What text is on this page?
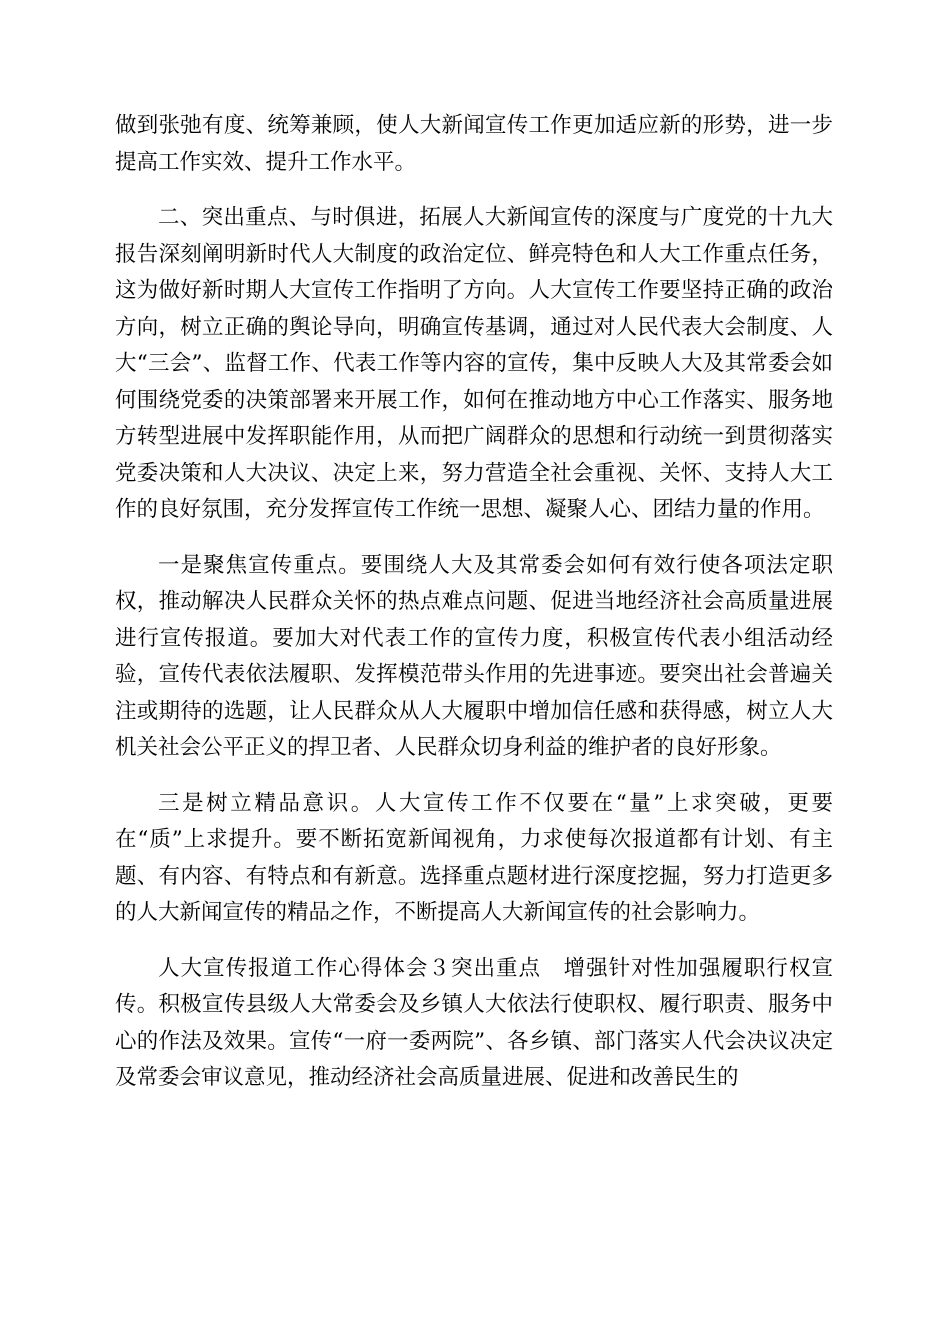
做到张弛有度、统筹兼顾，使人大新闻宣传工作更加适应新的形势，进一步提高工作实效、提升工作水平。

二、突出重点、与时俱进，拓展人大新闻宣传的深度与广度党的十九大报告深刻阐明新时代人大制度的政治定位、鲜亮特色和人大工作重点任务，这为做好新时期人大宣传工作指明了方向。人大宣传工作要坚持正确的政治方向，树立正确的舆论导向，明确宣传基调，通过对人民代表大会制度、人大“三会”、监督工作、代表工作等内容的宣传，集中反映人大及其常委会如何围绕党委的决策部署来开展工作，如何在推动地方中心工作落实、服务地方转型进展中发挥职能作用，从而把广阔群众的思想和行动统一到贯彻落实党委决策和人大决议、决定上来，努力营造全社会重视、关怀、支持人大工作的良好氛围，充分发挥宣传工作统一思想、凝聚人心、团结力量的作用。

一是聚焦宣传重点。要围绕人大及其常委会如何有效行使各项法定职权，推动解决人民群众关怀的热点难点问题、促进当地经济社会高质量进展进行宣传报道。要加大对代表工作的宣传力度，积极宣传代表小组活动经验，宣传代表依法履职、发挥模范带头作用的先进事迹。要突出社会普遍关注或期待的选题，让人民群众从人大履职中增加信任感和获得感，树立人大机关社会公平正义的捍卫者、人民群众切身利益的维护者的良好形象。

三是树立精品意识。人大宣传工作不仅要在“量”上求突破，更要在“质”上求提升。要不断拓宽新闻视角，力求使每次报道都有计划、有主题、有内容、有特点和有新意。选择重点题材进行深度挖掘，努力打造更多的人大新闻宣传的精品之作，不断提高人大新闻宣传的社会影响力。

人大宣传报道工作心得体会３突出重点　增强针对性加强履职行权宣传。积极宣传县级人大常委会及乡镇人大依法行使职权、履行职责、服务中心的作法及效果。宣传“一府一委两院”、各乡镇、部门落实人代会决议决定及常委会审议意见，推动经济社会高质量进展、促进和改善民生的
